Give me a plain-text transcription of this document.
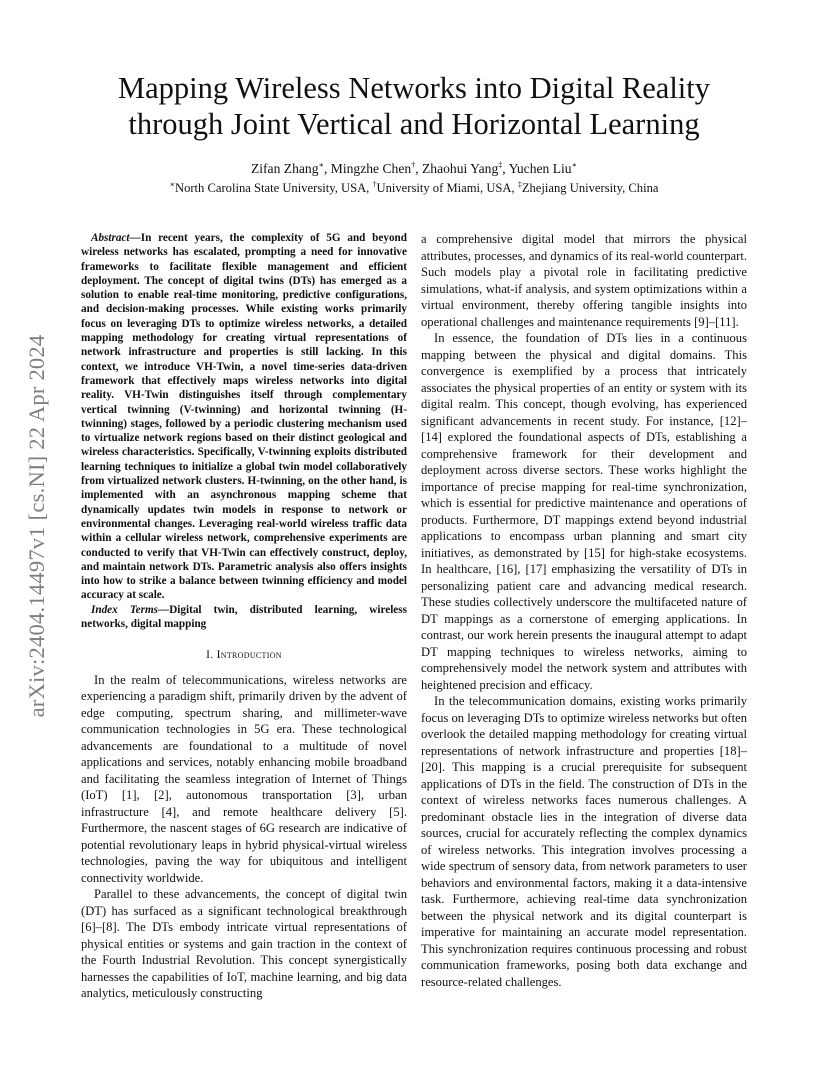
arXiv:2404.14497v1 [cs.NI] 22 Apr 2024
Mapping Wireless Networks into Digital Reality
through Joint Vertical and Horizontal Learning
Zifan Zhang∗, Mingzhe Chen†, Zhaohui Yang‡, Yuchen Liu∗
∗North Carolina State University, USA, †University of Miami, USA, ‡Zhejiang University, China

Abstract—In recent years, the complexity of 5G and beyond wireless networks has escalated, prompting a need for innovative frameworks to facilitate flexible management and efficient deployment. The concept of digital twins (DTs) has emerged as a solution to enable real-time monitoring, predictive configurations, and decision-making processes. While existing works primarily focus on leveraging DTs to optimize wireless networks, a detailed mapping methodology for creating virtual representations of network infrastructure and properties is still lacking. In this context, we introduce VH-Twin, a novel time-series data-driven framework that effectively maps wireless networks into digital reality. VH-Twin distinguishes itself through complementary vertical twinning (V-twinning) and horizontal twinning (H-twinning) stages, followed by a periodic clustering mechanism used to virtualize network regions based on their distinct geological and wireless characteristics. Specifically, V-twinning exploits distributed learning techniques to initialize a global twin model collaboratively from virtualized network clusters. H-twinning, on the other hand, is implemented with an asynchronous mapping scheme that dynamically updates twin models in response to network or environmental changes. Leveraging real-world wireless traffic data within a cellular wireless network, comprehensive experiments are conducted to verify that VH-Twin can effectively construct, deploy, and maintain network DTs. Parametric analysis also offers insights into how to strike a balance between twinning efficiency and model accuracy at scale.

Index Terms—Digital twin, distributed learning, wireless networks, digital mapping

I. Introduction

In the realm of telecommunications, wireless networks are experiencing a paradigm shift, primarily driven by the advent of edge computing, spectrum sharing, and millimeter-wave communication technologies in 5G era. These technological advancements are foundational to a multitude of novel applications and services, notably enhancing mobile broadband and facilitating the seamless integration of Internet of Things (IoT) [1], [2], autonomous transportation [3], urban infrastructure [4], and remote healthcare delivery [5]. Furthermore, the nascent stages of 6G research are indicative of potential revolutionary leaps in hybrid physical-virtual wireless technologies, paving the way for ubiquitous and intelligent connectivity worldwide.

Parallel to these advancements, the concept of digital twin (DT) has surfaced as a significant technological breakthrough [6]–[8]. The DTs embody intricate virtual representations of physical entities or systems and gain traction in the context of the Fourth Industrial Revolution. This concept synergistically harnesses the capabilities of IoT, machine learning, and big data analytics, meticulously constructing

a comprehensive digital model that mirrors the physical attributes, processes, and dynamics of its real-world counterpart. Such models play a pivotal role in facilitating predictive simulations, what-if analysis, and system optimizations within a virtual environment, thereby offering tangible insights into operational challenges and maintenance requirements [9]–[11].

In essence, the foundation of DTs lies in a continuous mapping between the physical and digital domains. This convergence is exemplified by a process that intricately associates the physical properties of an entity or system with its digital realm. This concept, though evolving, has experienced significant advancements in recent study. For instance, [12]–[14] explored the foundational aspects of DTs, establishing a comprehensive framework for their development and deployment across diverse sectors. These works highlight the importance of precise mapping for real-time synchronization, which is essential for predictive maintenance and operations of products. Furthermore, DT mappings extend beyond industrial applications to encompass urban planning and smart city initiatives, as demonstrated by [15] for high-stake ecosystems. In healthcare, [16], [17] emphasizing the versatility of DTs in personalizing patient care and advancing medical research. These studies collectively underscore the multifaceted nature of DT mappings as a cornerstone of emerging applications. In contrast, our work herein presents the inaugural attempt to adapt DT mapping techniques to wireless networks, aiming to comprehensively model the network system and attributes with heightened precision and efficacy.

In the telecommunication domains, existing works primarily focus on leveraging DTs to optimize wireless networks but often overlook the detailed mapping methodology for creating virtual representations of network infrastructure and properties [18]–[20]. This mapping is a crucial prerequisite for subsequent applications of DTs in the field. The construction of DTs in the context of wireless networks faces numerous challenges. A predominant obstacle lies in the integration of diverse data sources, crucial for accurately reflecting the complex dynamics of wireless networks. This integration involves processing a wide spectrum of sensory data, from network parameters to user behaviors and environmental factors, making it a data-intensive task. Furthermore, achieving real-time data synchronization between the physical network and its digital counterpart is imperative for maintaining an accurate model representation. This synchronization requires continuous processing and robust communication frameworks, posing both data exchange and resource-related challenges.
